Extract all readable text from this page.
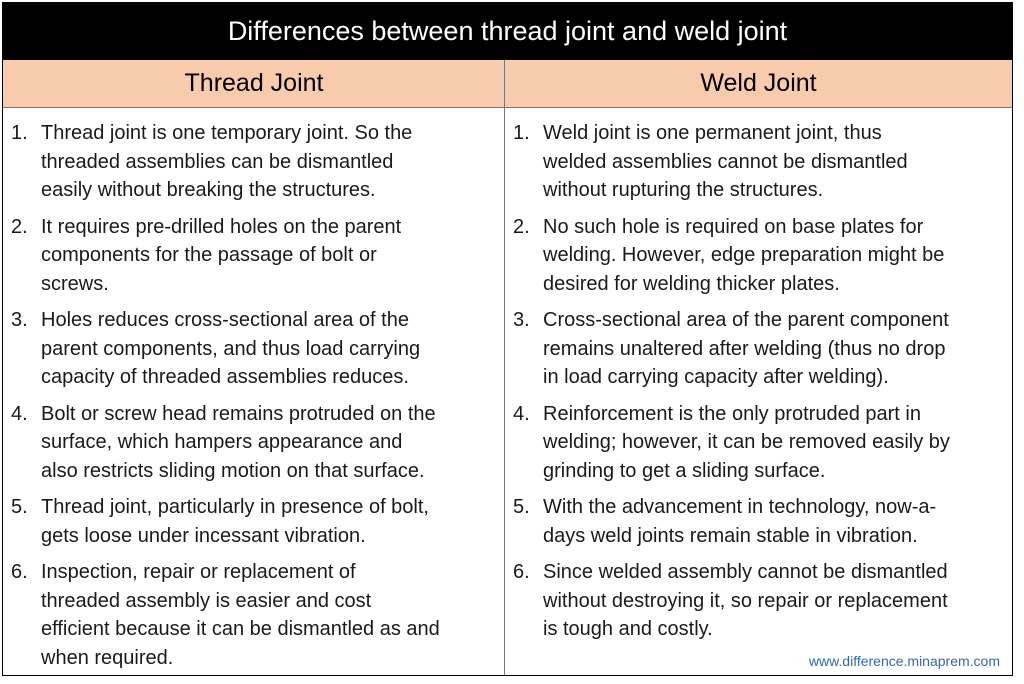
Differences between thread joint and weld joint
Thread Joint	Weld Joint
1. Thread joint is one temporary joint. So the
threaded assemblies can be dismantled
easily without breaking the structures.
2. It requires pre-drilled holes on the parent
components for the passage of bolt or
screws.
3. Holes reduces cross-sectional area of the
parent components, and thus load carrying
capacity of threaded assemblies reduces.
4. Bolt or screw head remains protruded on the
surface, which hampers appearance and
also restricts sliding motion on that surface.
5. Thread joint, particularly in presence of bolt,
gets loose under incessant vibration.
6. Inspection, repair or replacement of
threaded assembly is easier and cost
efficient because it can be dismantled as and
when required.
1. Weld joint is one permanent joint, thus
welded assemblies cannot be dismantled
without rupturing the structures.
2. No such hole is required on base plates for
welding. However, edge preparation might be
desired for welding thicker plates.
3. Cross-sectional area of the parent component
remains unaltered after welding (thus no drop
in load carrying capacity after welding).
4. Reinforcement is the only protruded part in
welding; however, it can be removed easily by
grinding to get a sliding surface.
5. With the advancement in technology, now-a-
days weld joints remain stable in vibration.
6. Since welded assembly cannot be dismantled
without destroying it, so repair or replacement
is tough and costly.
www.difference.minaprem.com
